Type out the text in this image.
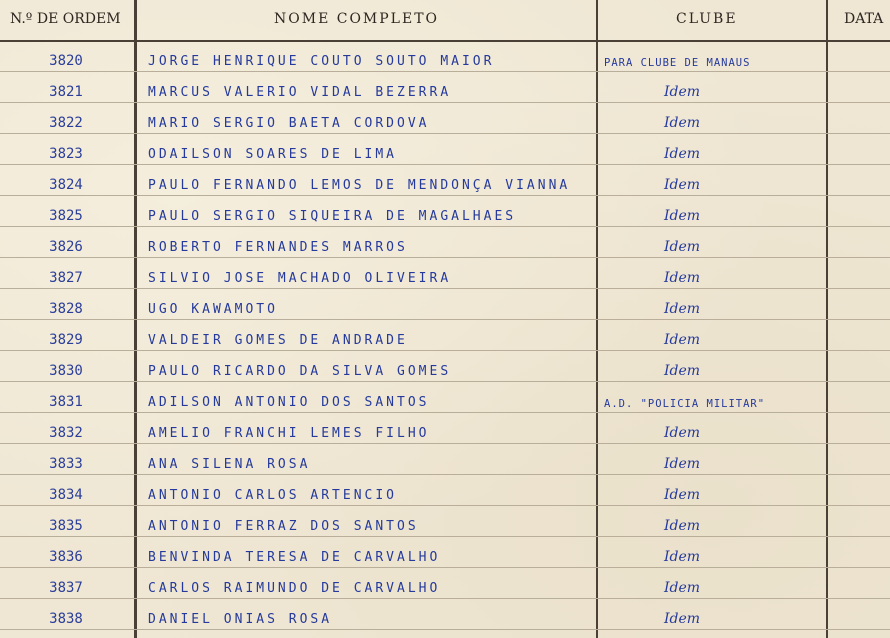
N.º DE ORDEM	NOME COMPLETO	CLUBE	DATA
3820	JORGE HENRIQUE COUTO SOUTO MAIOR	PARA CLUBE DE MANAUS
3821	MARCUS VALERIO VIDAL BEZERRA	Idem
3822	MARIO SERGIO BAETA CORDOVA	Idem
3823	ODAILSON SOARES DE LIMA	Idem
3824	PAULO FERNANDO LEMOS DE MENDONÇA VIANNA	Idem
3825	PAULO SERGIO SIQUEIRA DE MAGALHAES	Idem
3826	ROBERTO FERNANDES MARROS	Idem
3827	SILVIO JOSE MACHADO OLIVEIRA	Idem
3828	UGO KAWAMOTO	Idem
3829	VALDEIR GOMES DE ANDRADE	Idem
3830	PAULO RICARDO DA SILVA GOMES	Idem
3831	ADILSON ANTONIO DOS SANTOS	A.D. "POLICIA MILITAR"
3832	AMELIO FRANCHI LEMES FILHO	Idem
3833	ANA SILENA ROSA	Idem
3834	ANTONIO CARLOS ARTENCIO	Idem
3835	ANTONIO FERRAZ DOS SANTOS	Idem
3836	BENVINDA TERESA DE CARVALHO	Idem
3837	CARLOS RAIMUNDO DE CARVALHO	Idem
3838	DANIEL ONIAS ROSA	Idem
